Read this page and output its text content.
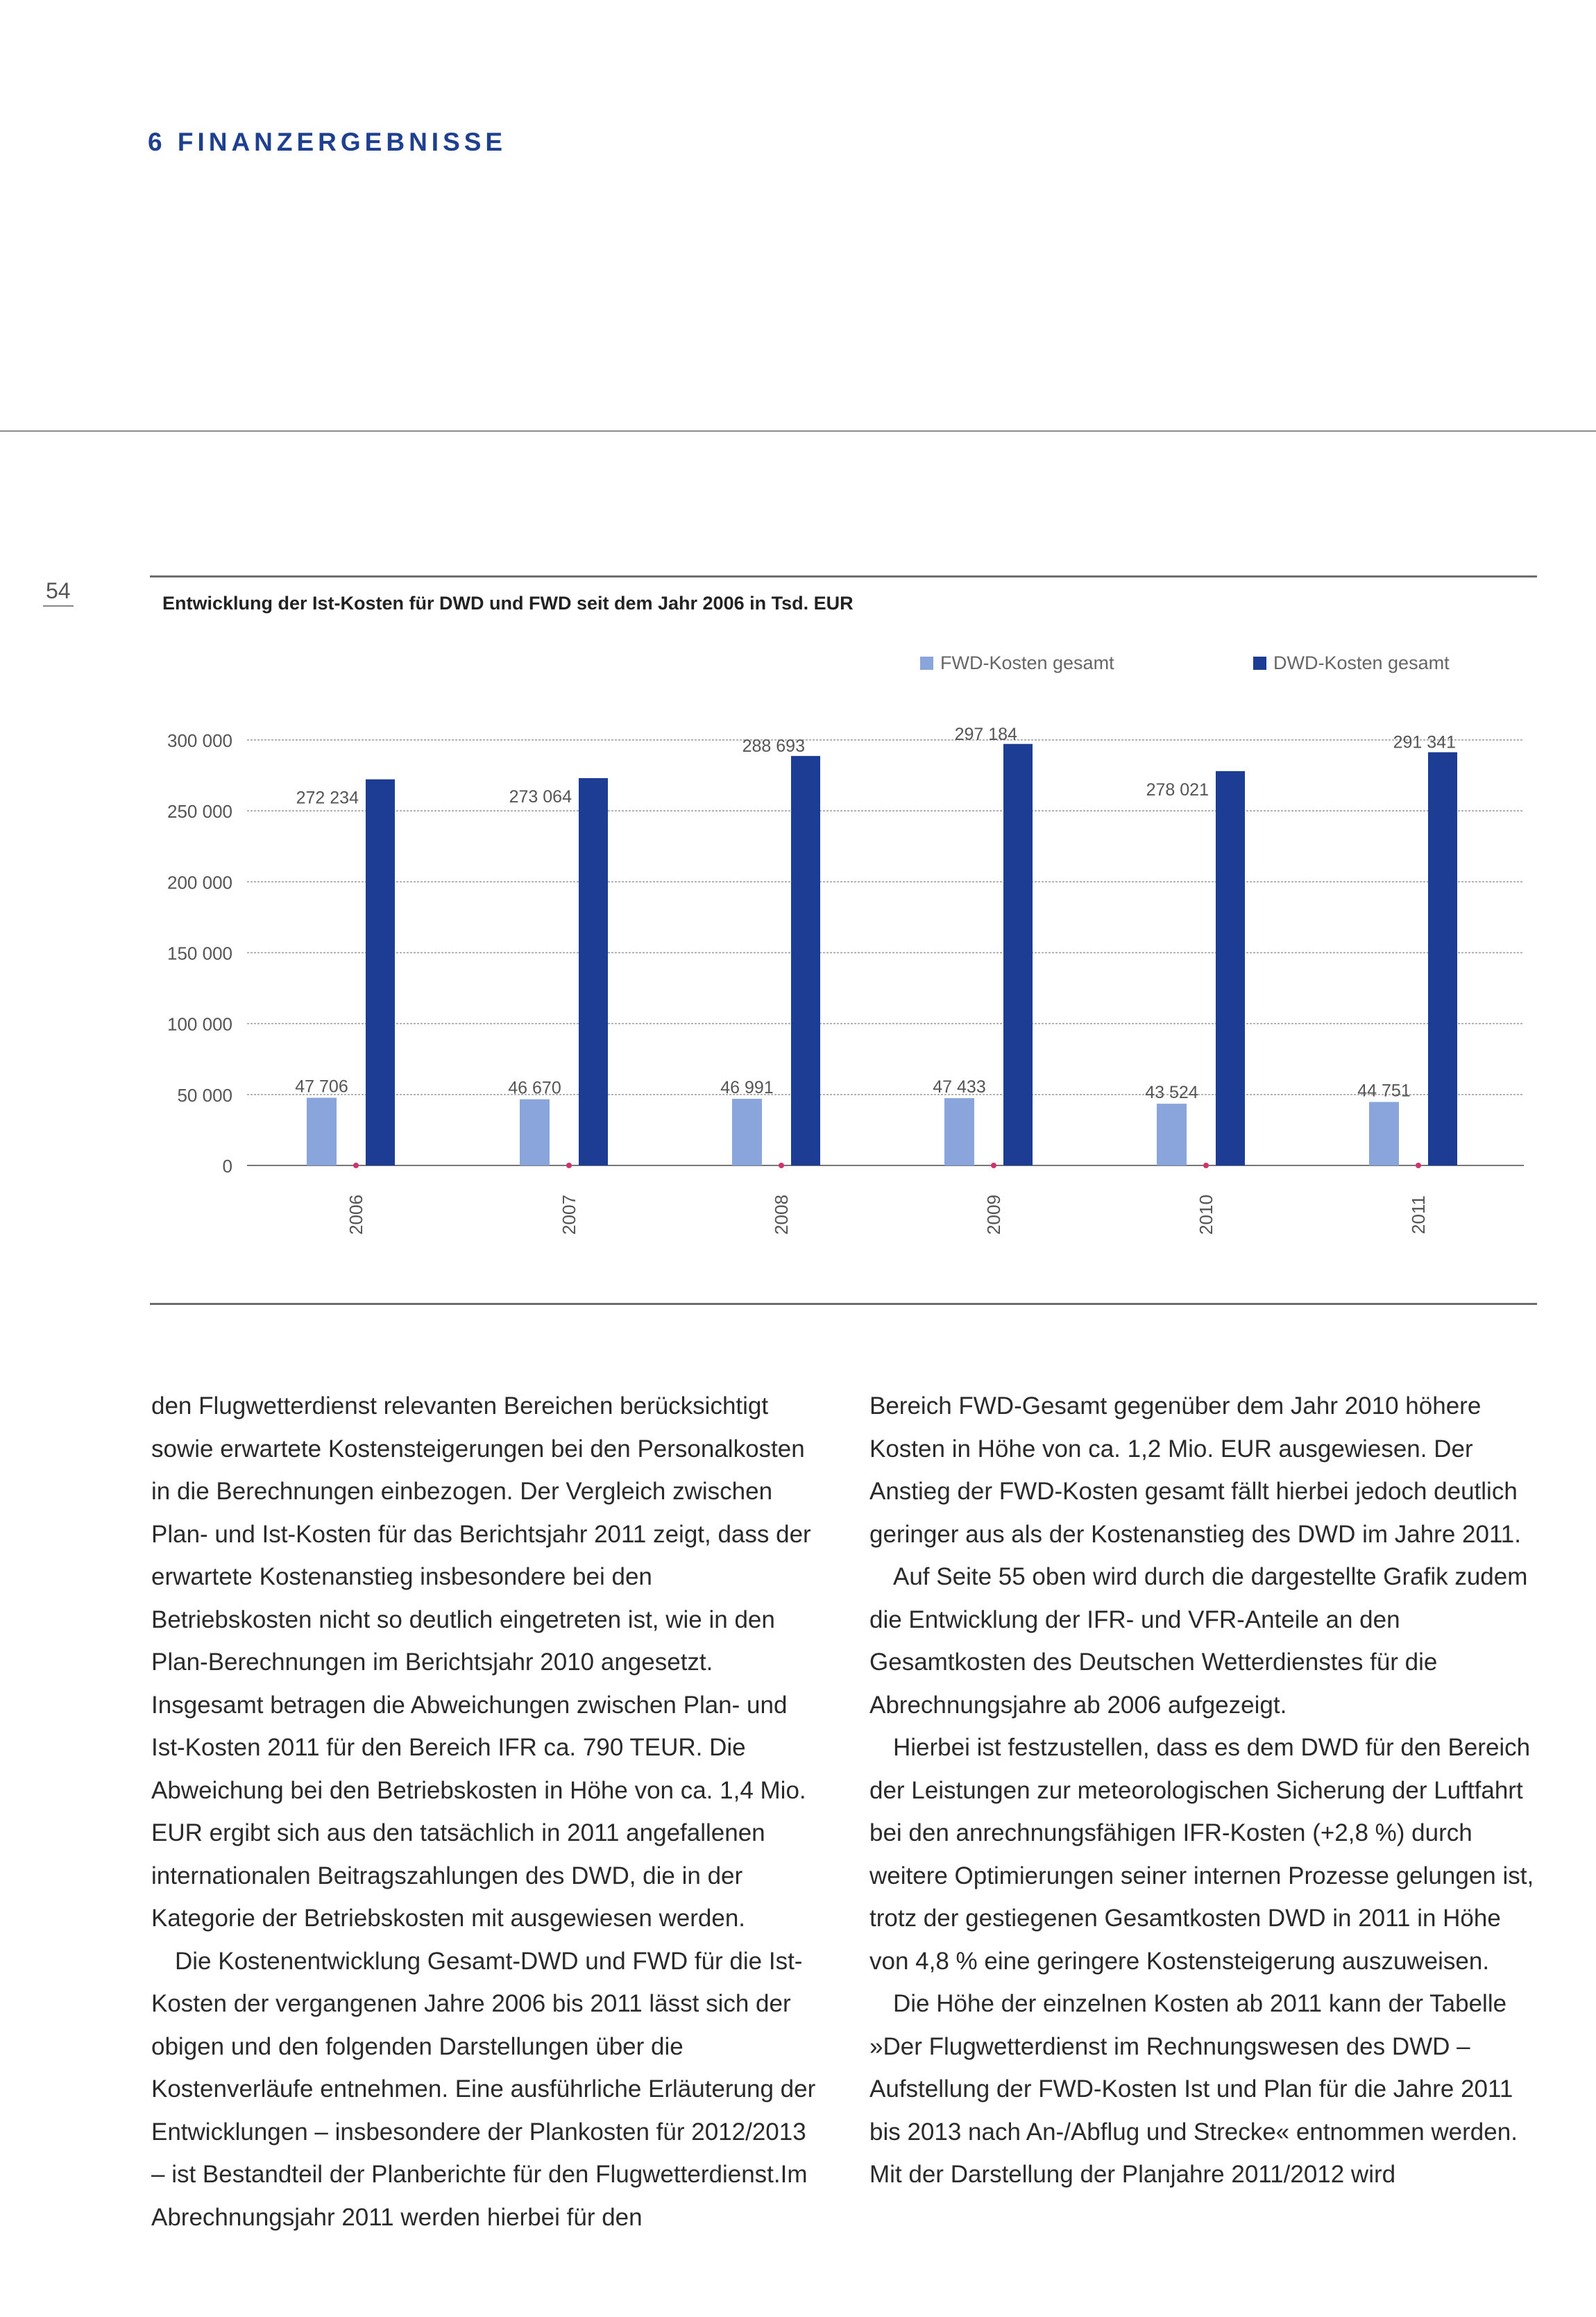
6 FINANZERGEBNISSE
54	Entwicklung der Ist-Kosten für DWD und FWD seit dem Jahr 2006 in Tsd. EUR
FWD-Kosten gesamt	DWD-Kosten gesamt
0
50 000
100 000
150 000
200 000
250 000
300 000
47 706
272 234
2006
46 670
273 064
2007
46 991
288 693
2008
47 433
297 184
2009
43 524
278 021
2010
44 751
291 341
2011

den Flugwetterdienst relevanten Bereichen berücksichtigt sowie erwartete Kostensteigerungen bei den Personalkosten in die Berechnungen einbezogen. Der Vergleich zwischen Plan- und Ist-Kosten für das Berichtsjahr 2011 zeigt, dass der erwartete Kostenanstieg insbesondere bei den Betriebskosten nicht so deutlich eingetreten ist, wie in den Plan-Berechnungen im Berichtsjahr 2010 angesetzt. Insgesamt betragen die Abweichungen zwischen Plan- und Ist-Kosten 2011 für den Bereich IFR ca. 790 TEUR. Die Abweichung bei den Betriebskosten in Höhe von ca. 1,4 Mio. EUR ergibt sich aus den tatsächlich in 2011 angefallenen internationalen Beitragszahlungen des DWD, die in der Kategorie der Betriebskosten mit ausgewiesen werden.

Die Kostenentwicklung Gesamt-DWD und FWD für die Ist-Kosten der vergangenen Jahre 2006 bis 2011 lässt sich der obigen und den folgenden Darstellungen über die Kostenverläufe entnehmen. Eine ausführliche Erläuterung der Entwicklungen – insbesondere der Plankosten für 2012/2013 – ist Bestandteil der Planberichte für den Flugwetterdienst.Im Abrechnungsjahr 2011 werden hierbei für den

Bereich FWD-Gesamt gegenüber dem Jahr 2010 höhere Kosten in Höhe von ca. 1,2 Mio. EUR ausgewiesen. Der Anstieg der FWD-Kosten gesamt fällt hierbei jedoch deutlich geringer aus als der Kostenanstieg des DWD im Jahre 2011.

Auf Seite 55 oben wird durch die dargestellte Grafik zudem die Entwicklung der IFR- und VFR-Anteile an den Gesamtkosten des Deutschen Wetterdienstes für die Abrechnungsjahre ab 2006 aufgezeigt.

Hierbei ist festzustellen, dass es dem DWD für den Bereich der Leistungen zur meteorologischen Sicherung der Luftfahrt bei den anrechnungsfähigen IFR-Kosten (+2,8 %) durch weitere Optimierungen seiner internen Prozesse gelungen ist, trotz der gestiegenen Gesamtkosten DWD in 2011 in Höhe von 4,8 % eine geringere Kostensteigerung auszuweisen.

Die Höhe der einzelnen Kosten ab 2011 kann der Tabelle »Der Flugwetterdienst im Rechnungswesen des DWD – Aufstellung der FWD-Kosten Ist und Plan für die Jahre 2011 bis 2013 nach An-/Abflug und Strecke« entnommen werden. Mit der Darstellung der Planjahre 2011/2012 wird
